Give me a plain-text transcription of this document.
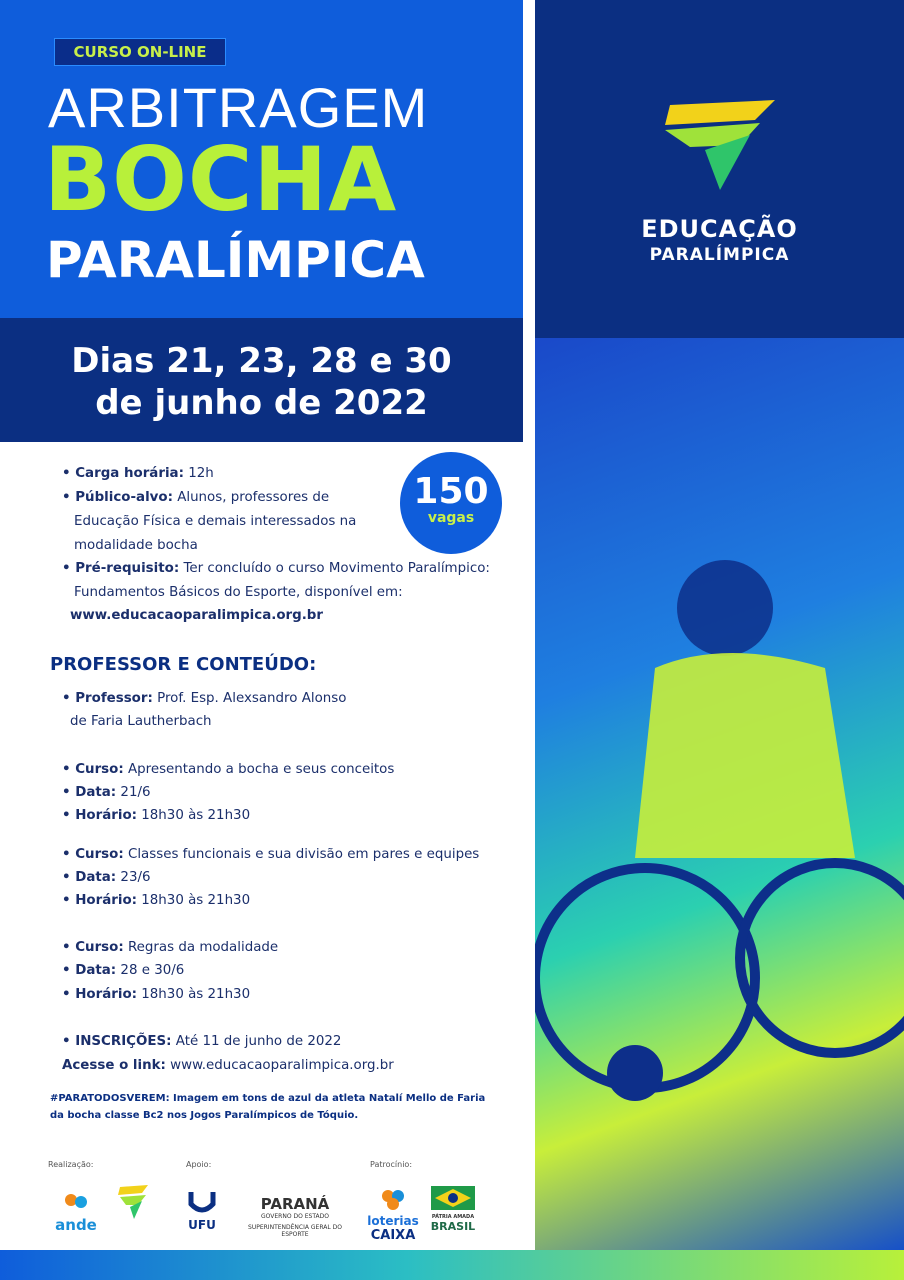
CURSO ON-LINE
ARBITRAGEM
BOCHA
PARALÍMPICA
Dias 21, 23, 28 e 30
de junho de 2022
EDUCAÇÃO
PARALÍMPICA
150
vagas
• Carga horária: 12h
• Público-alvo: Alunos, professores de
Educação Física e demais interessados na
modalidade bocha
• Pré-requisito: Ter concluído o curso Movimento Paralímpico:
Fundamentos Básicos do Esporte, disponível em:
www.educacaoparalimpica.org.br
PROFESSOR E CONTEÚDO:
• Professor: Prof. Esp. Alexsandro Alonso
de Faria Lautherbach
• Curso: Apresentando a bocha e seus conceitos
• Data: 21/6
• Horário: 18h30 às 21h30
• Curso: Classes funcionais e sua divisão em pares e equipes
• Data: 23/6
• Horário: 18h30 às 21h30
• Curso: Regras da modalidade
• Data: 28 e 30/6
• Horário: 18h30 às 21h30
• INSCRIÇÕES: Até 11 de junho de 2022
Acesse o link: www.educacaoparalimpica.org.br
#PARATODOSVEREM: Imagem em tons de azul da atleta Natalí Mello de Faria
da bocha classe Bc2 nos Jogos Paralímpicos de Tóquio.
Realização:	Apoio:	Patrocínio:
ande	UFU
PARANÁ
GOVERNO DO ESTADO
SUPERINTENDÊNCIA GERAL DO ESPORTE
loterias
CAIXA
PÁTRIA AMADA
BRASIL
